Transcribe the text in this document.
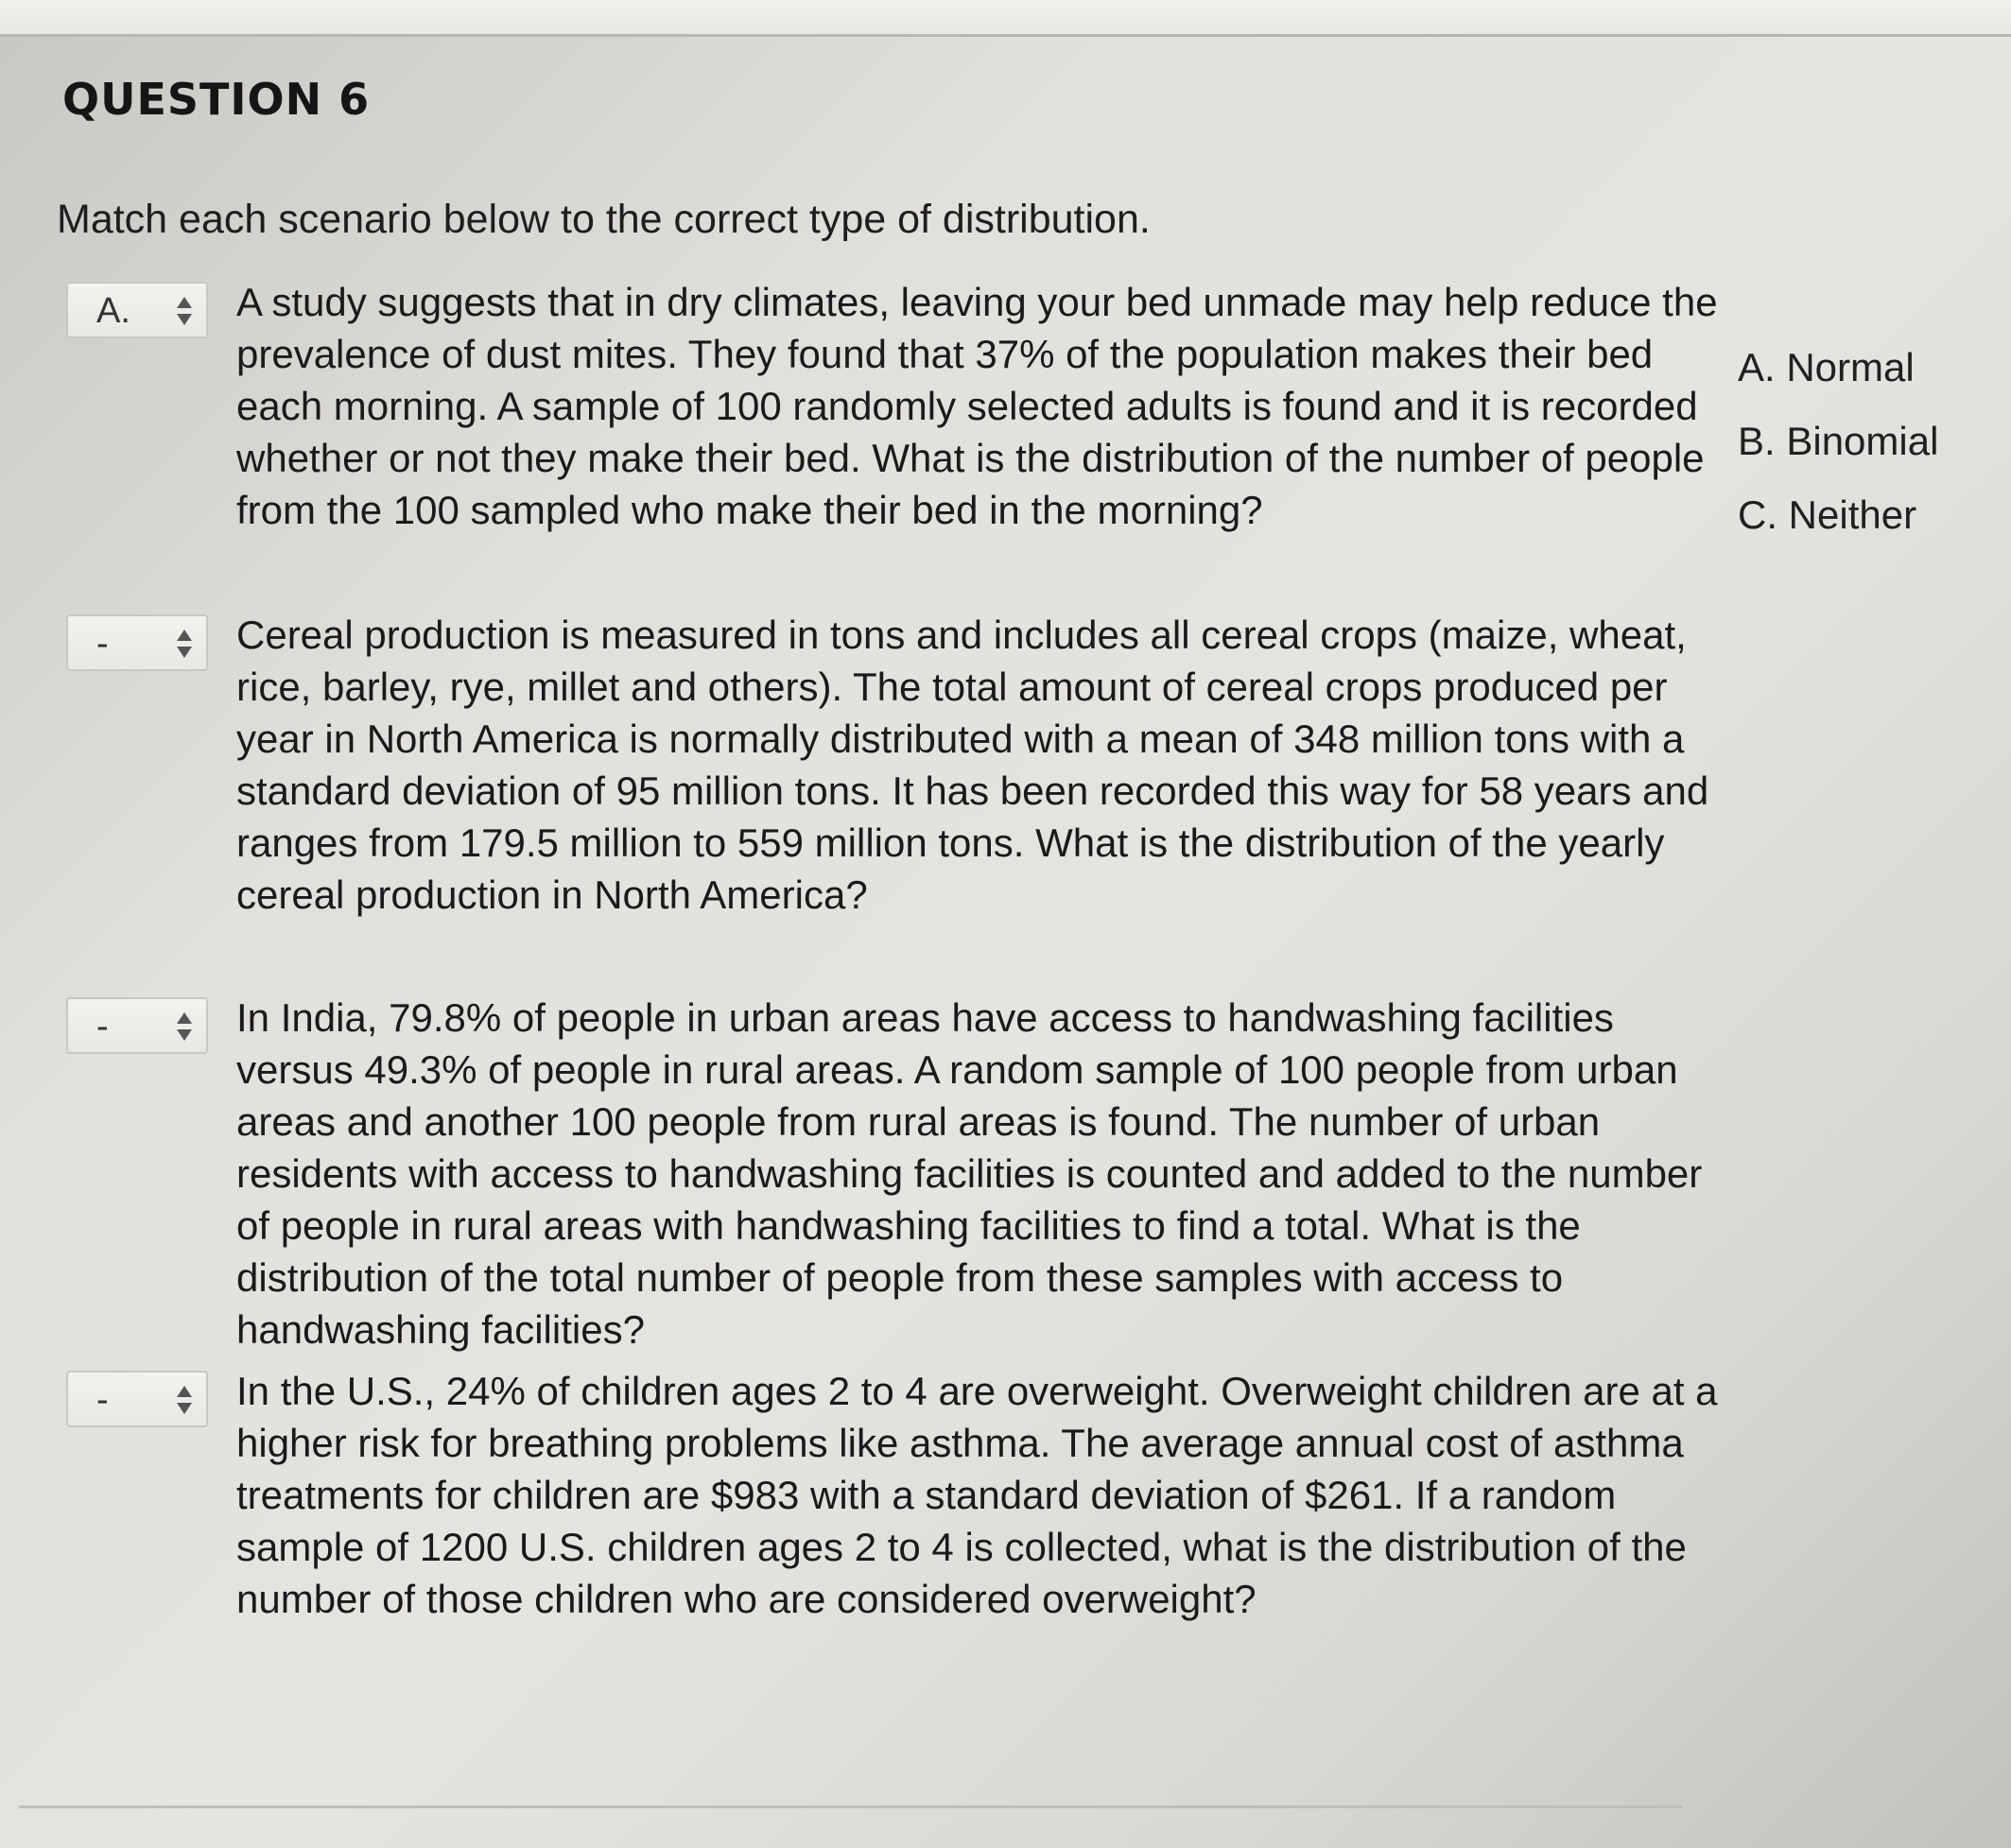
QUESTION 6
Match each scenario below to the correct type of distribution.
A.	A study suggests that in dry climates, leaving your bed unmade may help reduce the prevalence of dust mites. They found that 37% of the population makes their bed each morning. A sample of 100 randomly selected adults is found and it is recorded whether or not they make their bed. What is the distribution of the number of people from the 100 sampled who make their bed in the morning?
-	Cereal production is measured in tons and includes all cereal crops (maize, wheat, rice, barley, rye, millet and others). The total amount of cereal crops produced per year in North America is normally distributed with a mean of 348 million tons with a standard deviation of 95 million tons. It has been recorded this way for 58 years and ranges from 179.5 million to 559 million tons. What is the distribution of the yearly cereal production in North America?
-	In India, 79.8% of people in urban areas have access to handwashing facilities versus 49.3% of people in rural areas. A random sample of 100 people from urban areas and another 100 people from rural areas is found. The number of urban residents with access to handwashing facilities is counted and added to the number of people in rural areas with handwashing facilities to find a total. What is the distribution of the total number of people from these samples with access to handwashing facilities?
-	In the U.S., 24% of children ages 2 to 4 are overweight. Overweight children are at a higher risk for breathing problems like asthma. The average annual cost of asthma treatments for children are $983 with a standard deviation of $261. If a random sample of 1200 U.S. children ages 2 to 4 is collected, what is the distribution of the number of those children who are considered overweight?
A. Normal
B. Binomial
C. Neither
